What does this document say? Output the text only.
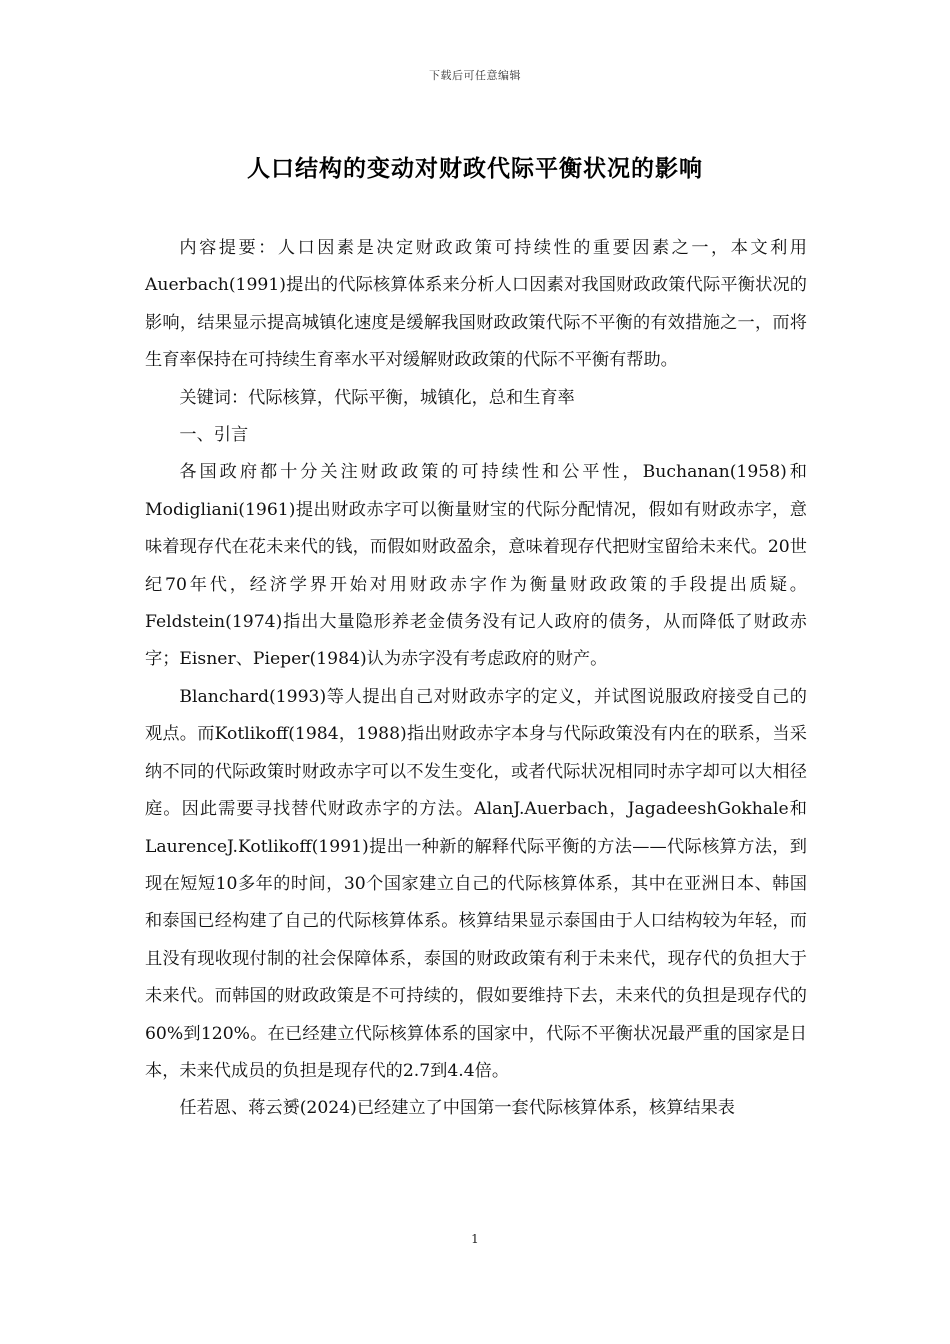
下载后可任意编辑
人口结构的变动对财政代际平衡状况的影响

内容提要：人口因素是决定财政政策可持续性的重要因素之一，本文利用Auerbach(1991)提出的代际核算体系来分析人口因素对我国财政政策代际平衡状况的影响，结果显示提高城镇化速度是缓解我国财政政策代际不平衡的有效措施之一，而将生育率保持在可持续生育率水平对缓解财政政策的代际不平衡有帮助。

关键词：代际核算，代际平衡，城镇化，总和生育率

一、引言

各国政府都十分关注财政政策的可持续性和公平性，Buchanan(1958)和Modigliani(1961)提出财政赤字可以衡量财宝的代际分配情况，假如有财政赤字，意味着现存代在花未来代的钱，而假如财政盈余，意味着现存代把财宝留给未来代。20世纪70年代，经济学界开始对用财政赤字作为衡量财政政策的手段提出质疑。Feldstein(1974)指出大量隐形养老金债务没有记人政府的债务，从而降低了财政赤字；Eisner、Pieper(1984)认为赤字没有考虑政府的财产。

Blanchard(1993)等人提出自己对财政赤字的定义，并试图说服政府接受自己的观点。而Kotlikoff(1984，1988)指出财政赤字本身与代际政策没有内在的联系，当采纳不同的代际政策时财政赤字可以不发生变化，或者代际状况相同时赤字却可以大相径庭。因此需要寻找替代财政赤字的方法。AlanJ.Auerbach，JagadeeshGokhale和LaurenceJ.Kotlikoff(1991)提出一种新的解释代际平衡的方法——代际核算方法，到现在短短10多年的时间，30个国家建立自己的代际核算体系，其中在亚洲日本、韩国和泰国已经构建了自己的代际核算体系。核算结果显示泰国由于人口结构较为年轻，而且没有现收现付制的社会保障体系，泰国的财政政策有利于未来代，现存代的负担大于未来代。而韩国的财政政策是不可持续的，假如要维持下去，未来代的负担是现存代的60%到120%。在已经建立代际核算体系的国家中，代际不平衡状况最严重的国家是日本，未来代成员的负担是现存代的2.7到4.4倍。

任若恩、蒋云赟(2024)已经建立了中国第一套代际核算体系，核算结果表

1
